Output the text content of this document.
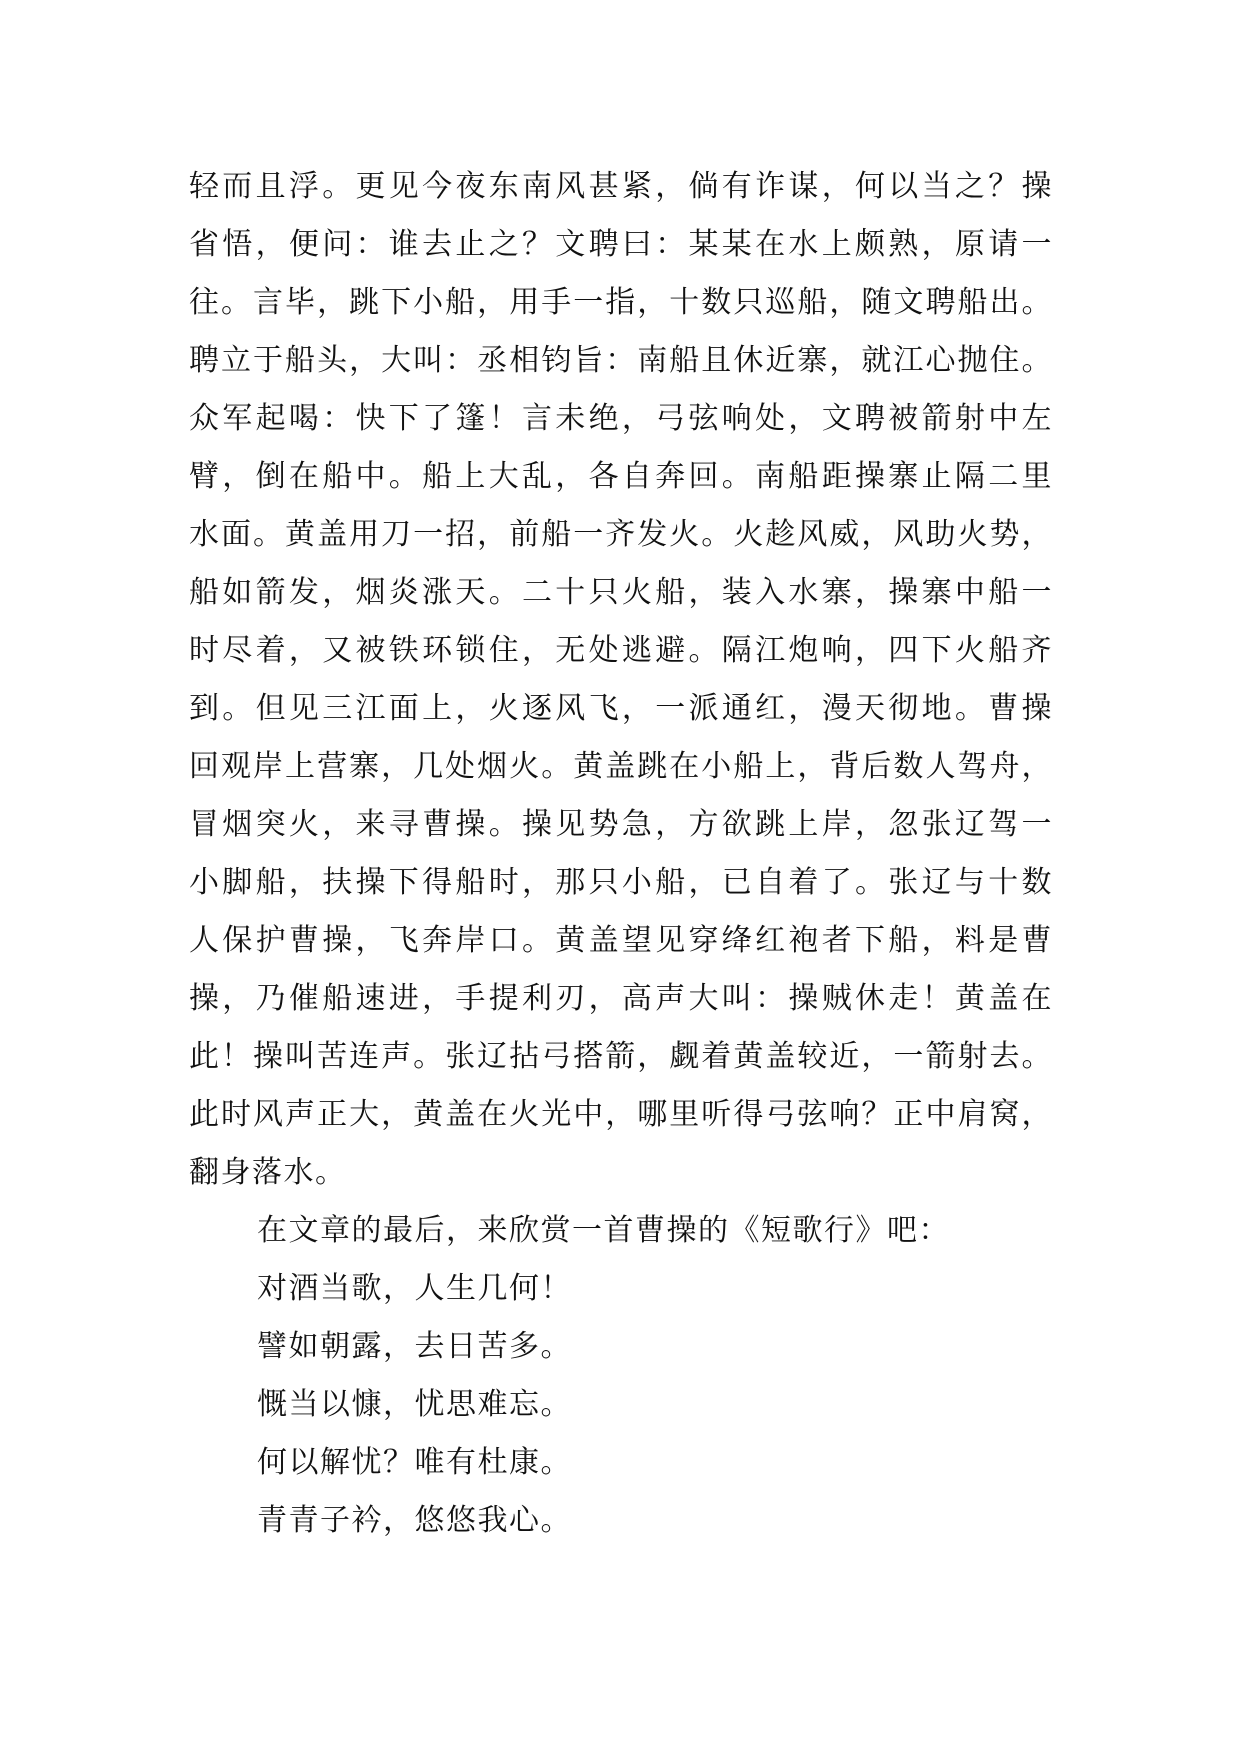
轻而且浮。更见今夜东南风甚紧，倘有诈谋，何以当之？操
省悟，便问：谁去止之？文聘曰：某某在水上颇熟，原请一
往。言毕，跳下小船，用手一指，十数只巡船，随文聘船出。
聘立于船头，大叫：丞相钧旨：南船且休近寨，就江心抛住。
众军起喝：快下了篷！言未绝，弓弦响处，文聘被箭射中左
臂，倒在船中。船上大乱，各自奔回。南船距操寨止隔二里
水面。黄盖用刀一招，前船一齐发火。火趁风威，风助火势，
船如箭发，烟炎涨天。二十只火船，装入水寨，操寨中船一
时尽着，又被铁环锁住，无处逃避。隔江炮响，四下火船齐
到。但见三江面上，火逐风飞，一派通红，漫天彻地。曹操
回观岸上营寨，几处烟火。黄盖跳在小船上，背后数人驾舟，
冒烟突火，来寻曹操。操见势急，方欲跳上岸，忽张辽驾一
小脚船，扶操下得船时，那只小船，已自着了。张辽与十数
人保护曹操，飞奔岸口。黄盖望见穿绛红袍者下船，料是曹
操，乃催船速进，手提利刃，高声大叫：操贼休走！黄盖在
此！操叫苦连声。张辽拈弓搭箭，觑着黄盖较近，一箭射去。
此时风声正大，黄盖在火光中，哪里听得弓弦响？正中肩窝，
翻身落水。
在文章的最后，来欣赏一首曹操的《短歌行》吧：
对酒当歌，人生几何！
譬如朝露，去日苦多。
慨当以慷，忧思难忘。
何以解忧？唯有杜康。
青青子衿，悠悠我心。
